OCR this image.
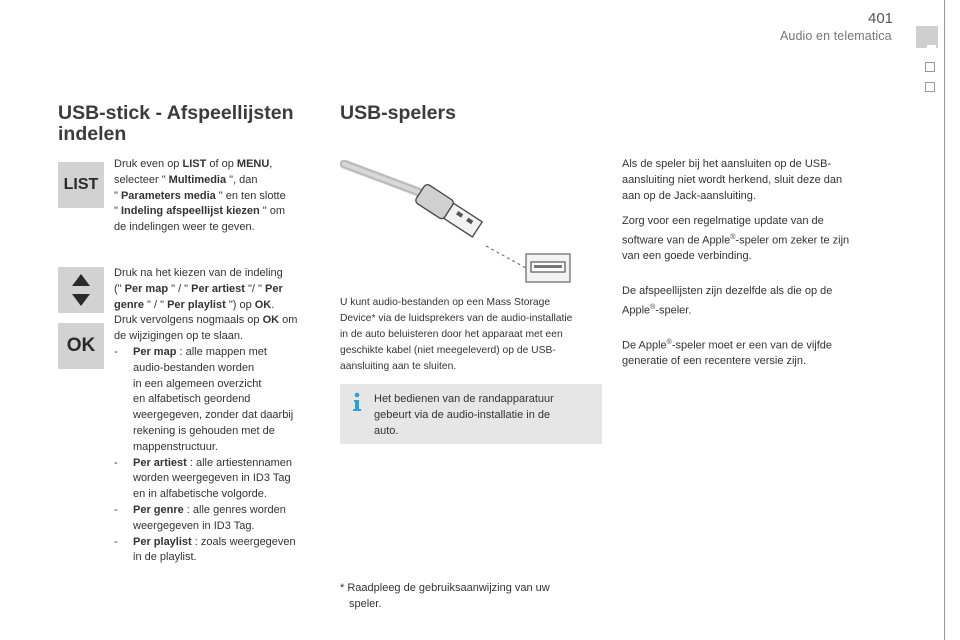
401
Audio en telematica
USB-stick - Afspeellijsten
indelen
LIST
OK
Druk even op LIST of op MENU,
selecteer " Multimedia ", dan
" Parameters media " en ten slotte
" Indeling afspeellijst kiezen " om
de indelingen weer te geven.
Druk na het kiezen van de indeling
(" Per map " / " Per artiest "/ " Per
genre " / " Per playlist ") op OK.
Druk vervolgens nogmaals op OK om
de wijzigingen op te slaan.
-	Per map : alle mappen met
audio-bestanden worden
in een algemeen overzicht
en alfabetisch geordend
weergegeven, zonder dat daarbij
rekening is gehouden met de
mappenstructuur.
-	Per artiest : alle artiestennamen
worden weergegeven in ID3 Tag
en in alfabetische volgorde.
-	Per genre : alle genres worden
weergegeven in ID3 Tag.
-	Per playlist : zoals weergegeven
in de playlist.
USB-spelers
U kunt audio-bestanden op een Mass Storage
Device* via de luidsprekers van de audio-installatie
in de auto beluisteren door het apparaat met een
geschikte kabel (niet meegeleverd) op de USB-
aansluiting aan te sluiten.
Het bedienen van de randapparatuur
gebeurt via de audio-installatie in de
auto.
* Raadpleeg de gebruiksaanwijzing van uw
speler.
Als de speler bij het aansluiten op de USB-
aansluiting niet wordt herkend, sluit deze dan
aan op de Jack-aansluiting.
Zorg voor een regelmatige update van de
software van de Apple®-speler om zeker te zijn
van een goede verbinding.
De afspeellijsten zijn dezelfde als die op de
Apple®-speler.
De Apple®-speler moet er een van de vijfde
generatie of een recentere versie zijn.
